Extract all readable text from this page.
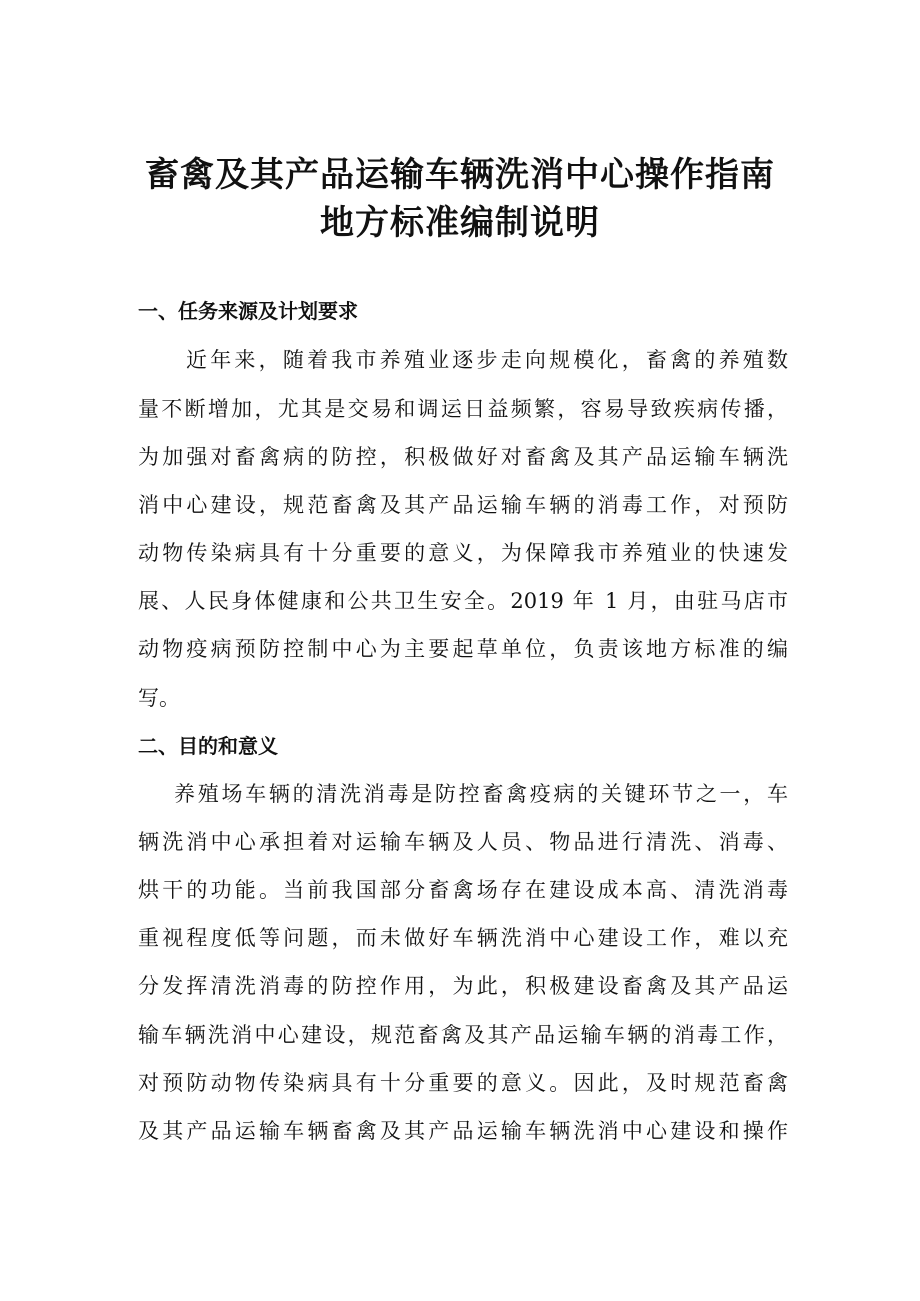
畜禽及其产品运输车辆洗消中心操作指南
地方标准编制说明
一、任务来源及计划要求
近年来，随着我市养殖业逐步走向规模化，畜禽的养殖数
量不断增加，尤其是交易和调运日益频繁，容易导致疾病传播，
为加强对畜禽病的防控，积极做好对畜禽及其产品运输车辆洗
消中心建设，规范畜禽及其产品运输车辆的消毒工作，对预防
动物传染病具有十分重要的意义，为保障我市养殖业的快速发
展、人民身体健康和公共卫生安全。2019 年 1 月，由驻马店市
动物疫病预防控制中心为主要起草单位，负责该地方标准的编
写。
二、目的和意义
养殖场车辆的清洗消毒是防控畜禽疫病的关键环节之一，车
辆洗消中心承担着对运输车辆及人员、物品进行清洗、消毒、
烘干的功能。当前我国部分畜禽场存在建设成本高、清洗消毒
重视程度低等问题，而未做好车辆洗消中心建设工作，难以充
分发挥清洗消毒的防控作用，为此，积极建设畜禽及其产品运
输车辆洗消中心建设，规范畜禽及其产品运输车辆的消毒工作，
对预防动物传染病具有十分重要的意义。因此，及时规范畜禽
及其产品运输车辆畜禽及其产品运输车辆洗消中心建设和操作
